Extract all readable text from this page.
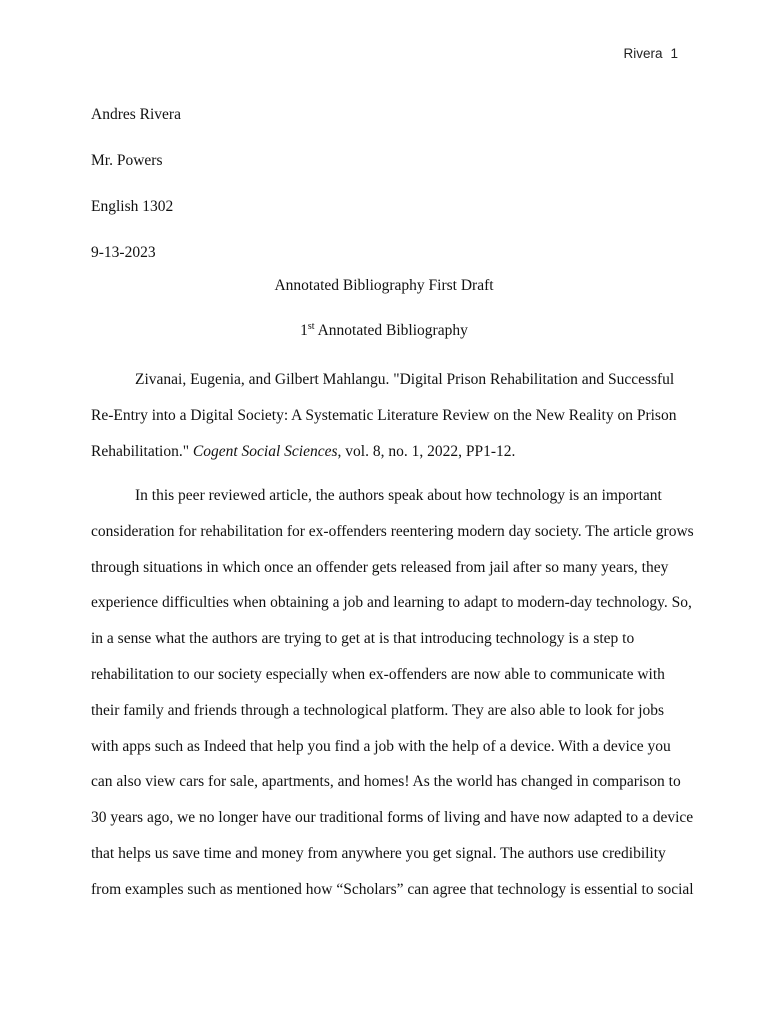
Rivera 1
Andres Rivera
Mr. Powers
English 1302
9-13-2023
Annotated Bibliography First Draft
1st Annotated Bibliography
Zivanai, Eugenia, and Gilbert Mahlangu. "Digital Prison Rehabilitation and Successful
Re-Entry into a Digital Society: A Systematic Literature Review on the New Reality on Prison
Rehabilitation." Cogent Social Sciences, vol. 8, no. 1, 2022, PP1-12.
In this peer reviewed article, the authors speak about how technology is an important
consideration for rehabilitation for ex-offenders reentering modern day society. The article grows
through situations in which once an offender gets released from jail after so many years, they
experience difficulties when obtaining a job and learning to adapt to modern-day technology. So,
in a sense what the authors are trying to get at is that introducing technology is a step to
rehabilitation to our society especially when ex-offenders are now able to communicate with
their family and friends through a technological platform. They are also able to look for jobs
with apps such as Indeed that help you find a job with the help of a device. With a device you
can also view cars for sale, apartments, and homes! As the world has changed in comparison to
30 years ago, we no longer have our traditional forms of living and have now adapted to a device
that helps us save time and money from anywhere you get signal. The authors use credibility
from examples such as mentioned how “Scholars” can agree that technology is essential to social
